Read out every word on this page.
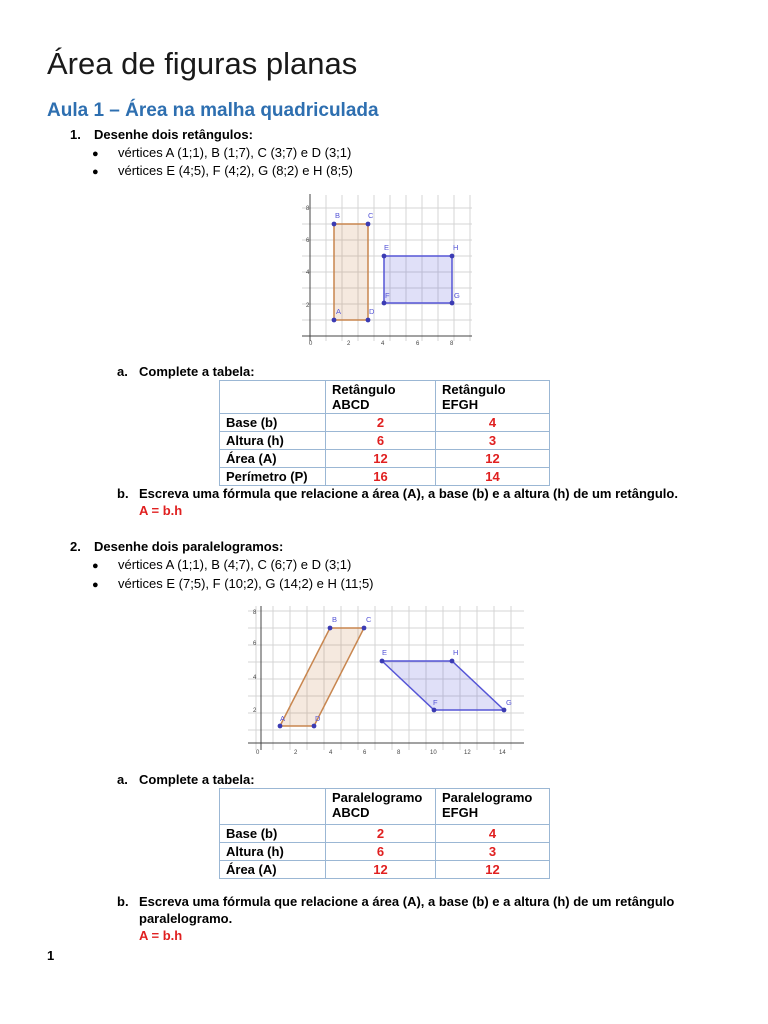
Área de figuras planas
Aula 1 – Área na malha quadriculada
1. Desenhe dois retângulos:
● vértices A (1;1), B (1;7), C (3;7) e D (3;1)
● vértices E (4;5), F (4;2), G (8;2) e H (8;5)
0	2	4	6	8
2
4
6
8
A
B	C
D
E
F	G
H
a. Complete a tabela:
	Retângulo ABCD	Retângulo EFGH
Base (b)	2	4
Altura (h)	6	3
Área (A)	12	12
Perímetro (P)	16	14
b. Escreva uma fórmula que relacione a área (A), a base (b) e a altura (h) de um retângulo.
A = b.h
2. Desenhe dois paralelogramos:
● vértices A (1;1), B (4;7), C (6;7) e D (3;1)
● vértices E (7;5), F (10;2), G (14;2) e H (11;5)
0	2	4	6	8	10	12	14
2
4
6
8
A
B	C
D
E
F	G
H
a. Complete a tabela:
	Paralelogramo ABCD	Paralelogramo EFGH
Base (b)	2	4
Altura (h)	6	3
Área (A)	12	12
b. Escreva uma fórmula que relacione a área (A), a base (b) e a altura (h) de um retângulo
paralelogramo.
A = b.h
1
